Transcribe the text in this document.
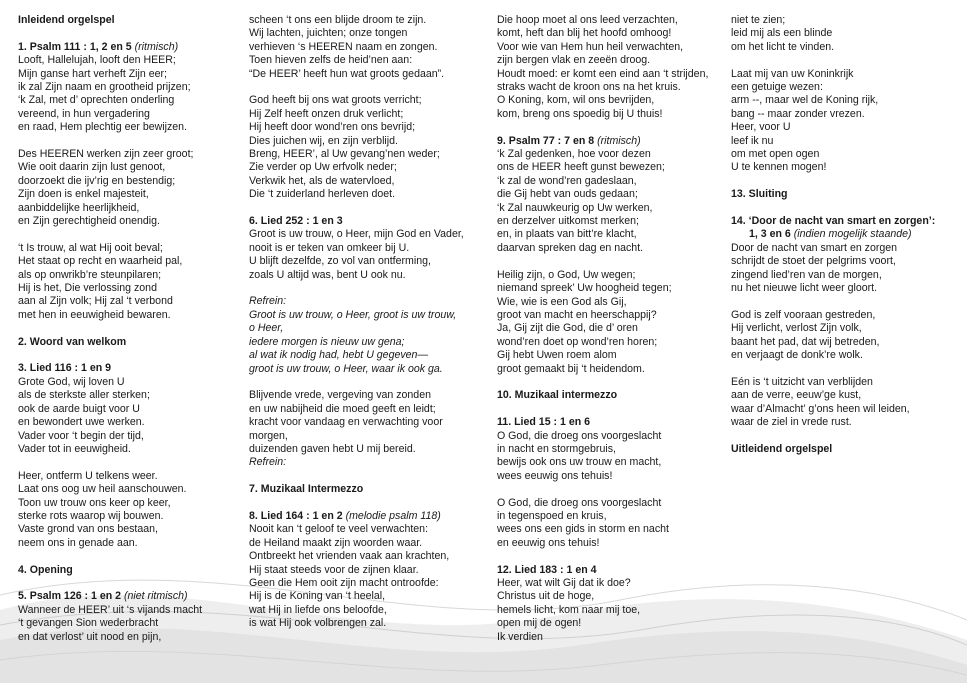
Inleidend orgelspel

1. Psalm 111 : 1, 2 en 5 (ritmisch)

Looft, Hallelujah, looft den HEER;

Mijn ganse hart verheft Zijn eer;

ik zal Zijn naam en grootheid prijzen;

‘k Zal, met d’ oprechten onderling

vereend, in hun vergadering

en raad, Hem plechtig eer bewijzen.

Des HEEREN werken zijn zeer groot;

Wie ooit daarin zijn lust genoot,

doorzoekt die ijv’rig en bestendig;

Zijn doen is enkel majesteit,

aanbiddelijke heerlijkheid,

en Zijn gerechtigheid onendig.

‘t Is trouw, al wat Hij ooit beval;

Het staat op recht en waarheid pal,

als op onwrikb’re steunpilaren;

Hij is het, Die verlossing zond

aan al Zijn volk; Hij zal ‘t verbond

met hen in eeuwigheid bewaren.

2. Woord van welkom

3. Lied 116 : 1 en 9

Grote God, wij loven U

als de sterkste aller sterken;

ook de aarde buigt voor U

en bewondert uwe werken.

Vader voor ‘t begin der tijd,

Vader tot in eeuwigheid.

Heer, ontferm U telkens weer.

Laat ons oog uw heil aanschouwen.

Toon uw trouw ons keer op keer,

sterke rots waarop wij bouwen.

Vaste grond van ons bestaan,

neem ons in genade aan.

4. Opening

5. Psalm 126 : 1 en 2 (niet ritmisch)

Wanneer de HEER’ uit ‘s vijands macht

‘t gevangen Sion wederbracht

en dat verlost’ uit nood en pijn,

scheen ‘t ons een blijde droom te zijn.

Wij lachten, juichten; onze tongen

verhieven ‘s HEEREN naam en zongen.

Toen hieven zelfs de heid’nen aan:

“De HEER’ heeft hun wat groots gedaan”.

God heeft bij ons wat groots verricht;

Hij Zelf heeft onzen druk verlicht;

Hij heeft door wond’ren ons bevrijd;

Dies juichen wij, en zijn verblijd.

Breng, HEER’, al Uw gevang’nen weder;

Zie verder op Uw erfvolk neder;

Verkwik het, als de watervloed,

Die ‘t zuiderland herleven doet.

6. Lied 252 : 1 en 3

Groot is uw trouw, o Heer, mijn God en Vader,

nooit is er teken van omkeer bij U.

U blijft dezelfde, zo vol van ontferming,

zoals U altijd was, bent U ook nu.

Refrein:

Groot is uw trouw, o Heer, groot is uw trouw,

o Heer,

iedere morgen is nieuw uw gena;

al wat ik nodig had, hebt U gegeven—

groot is uw trouw, o Heer, waar ik ook ga.

Blijvende vrede, vergeving van zonden

en uw nabijheid die moed geeft en leidt;

kracht voor vandaag en verwachting voor

morgen,

duizenden gaven hebt U mij bereid.

Refrein:

7. Muzikaal Intermezzo

8. Lied 164 : 1 en 2 (melodie psalm 118)

Nooit kan ‘t geloof te veel verwachten:

de Heiland maakt zijn woorden waar.

Ontbreekt het vrienden vaak aan krachten,

Hij staat steeds voor de zijnen klaar.

Geen die Hem ooit zijn macht ontroofde:

Hij is de Koning van ‘t heelal,

wat Hij in liefde ons beloofde,

is wat Hij ook volbrengen zal.

Die hoop moet al ons leed verzachten,

komt, heft dan blij het hoofd omhoog!

Voor wie van Hem hun heil verwachten,

zijn bergen vlak en zeeën droog.

Houdt moed: er komt een eind aan ‘t strijden,

straks wacht de kroon ons na het kruis.

O Koning, kom, wil ons bevrijden,

kom, breng ons spoedig bij U thuis!

9. Psalm 77 : 7 en 8 (ritmisch)

‘k Zal gedenken, hoe voor dezen

ons de HEER heeft gunst bewezen;

‘k zal de wond’ren gadeslaan,

die Gij hebt van ouds gedaan;

‘k Zal nauwkeurig op Uw werken,

en derzelver uitkomst merken;

en, in plaats van bitt’re klacht,

daarvan spreken dag en nacht.

Heilig zijn, o God, Uw wegen;

niemand spreek’ Uw hoogheid tegen;

Wie, wie is een God als Gij,

groot van macht en heerschappij?

Ja, Gij zijt die God, die d’ oren

wond’ren doet op wond’ren horen;

Gij hebt Uwen roem alom

groot gemaakt bij ‘t heidendom.

10. Muzikaal intermezzo

11. Lied 15 : 1 en 6

O God, die droeg ons voorgeslacht

in nacht en stormgebruis,

bewijs ook ons uw trouw en macht,

wees eeuwig ons tehuis!

O God, die droeg ons voorgeslacht

in tegenspoed en kruis,

wees ons een gids in storm en nacht

en eeuwig ons tehuis!

12. Lied 183 : 1 en 4

Heer, wat wilt Gij dat ik doe?

Christus uit de hoge,

hemels licht, kom naar mij toe,

open mij de ogen!

Ik verdien

niet te zien;

leid mij als een blinde

om het licht te vinden.

Laat mij van uw Koninkrijk

een getuige wezen:

arm --, maar wel de Koning rijk,

bang -- maar zonder vrezen.

Heer, voor U

leef ik nu

om met open ogen

U te kennen mogen!

13. Sluiting

14. ‘Door de nacht van smart en zorgen’:

1, 3 en 6 (indien mogelijk staande)

Door de nacht van smart en zorgen

schrijdt de stoet der pelgrims voort,

zingend lied’ren van de morgen,

nu het nieuwe licht weer gloort.

God is zelf vooraan gestreden,

Hij verlicht, verlost Zijn volk,

baant het pad, dat wij betreden,

en verjaagt de donk’re wolk.

Eén is ‘t uitzicht van verblijden

aan de verre, eeuw’ge kust,

waar d’Almacht’ g’ons heen wil leiden,

waar de ziel in vrede rust.

Uitleidend orgelspel
